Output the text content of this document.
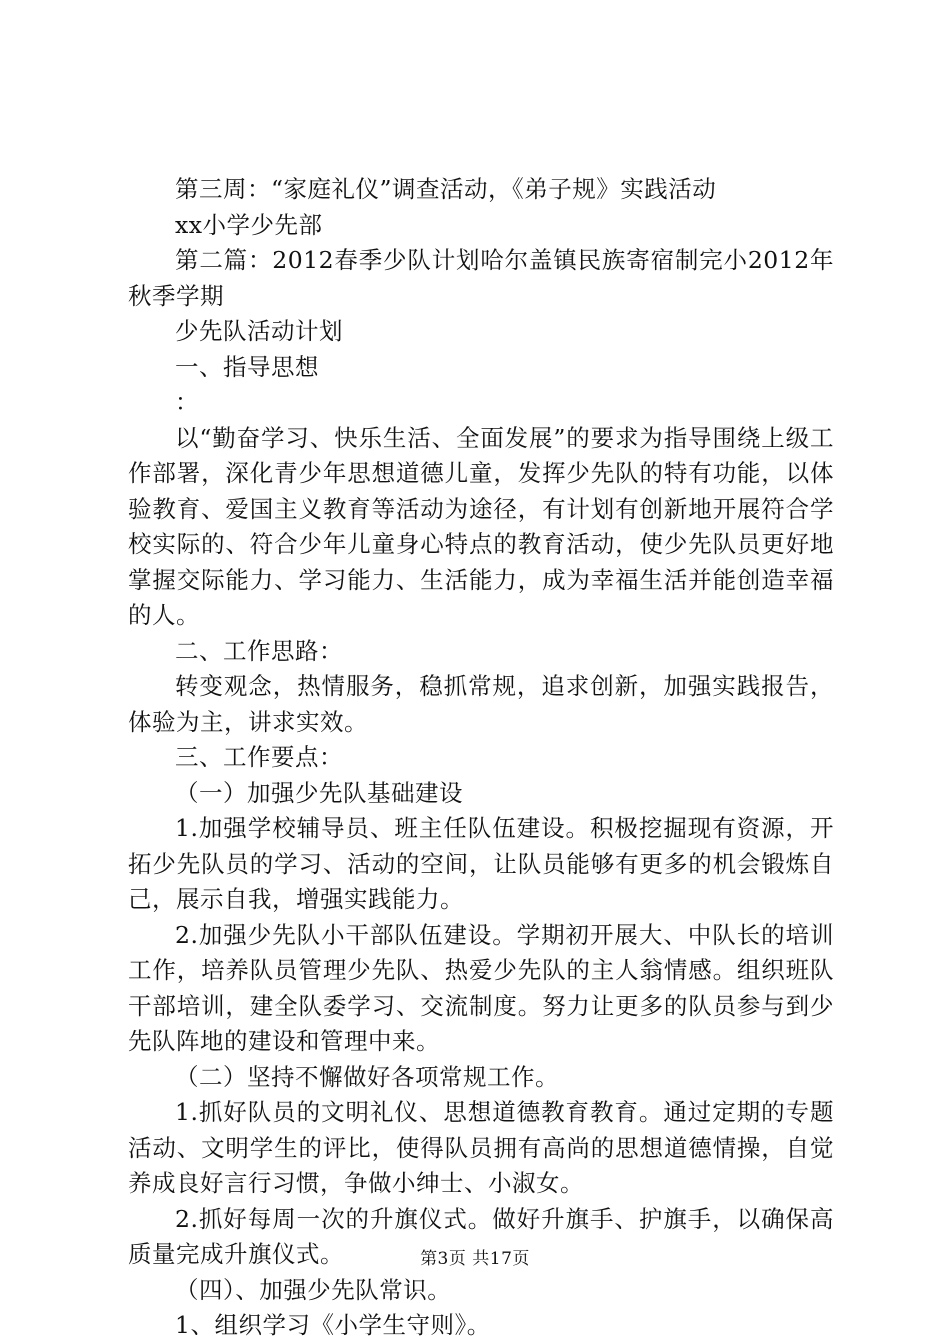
第三周：“家庭礼仪”调查活动，《弟子规》实践活动

xx小学少先部

第二篇：2012春季少队计划哈尔盖镇民族寄宿制完小2012年秋季学期

少先队活动计划

一、指导思想

：

以“勤奋学习、快乐生活、全面发展”的要求为指导围绕上级工作部署，深化青少年思想道德儿童，发挥少先队的特有功能，以体验教育、爱国主义教育等活动为途径，有计划有创新地开展符合学校实际的、符合少年儿童身心特点的教育活动，使少先队员更好地掌握交际能力、学习能力、生活能力，成为幸福生活并能创造幸福的人。

二、工作思路：

转变观念，热情服务，稳抓常规，追求创新，加强实践报告，体验为主，讲求实效。

三、工作要点：

（一）加强少先队基础建设

1.加强学校辅导员、班主任队伍建设。积极挖掘现有资源，开拓少先队员的学习、活动的空间，让队员能够有更多的机会锻炼自己，展示自我，增强实践能力。

2.加强少先队小干部队伍建设。学期初开展大、中队长的培训工作，培养队员管理少先队、热爱少先队的主人翁情感。组织班队干部培训，建全队委学习、交流制度。努力让更多的队员参与到少先队阵地的建设和管理中来。

（二）坚持不懈做好各项常规工作。

1.抓好队员的文明礼仪、思想道德教育教育。通过定期的专题活动、文明学生的评比，使得队员拥有高尚的思想道德情操，自觉养成良好言行习惯，争做小绅士、小淑女。

2.抓好每周一次的升旗仪式。做好升旗手、护旗手，以确保高质量完成升旗仪式。

（四）、加强少先队常识。

1、组织学习《小学生守则》。

第3页 共17页
